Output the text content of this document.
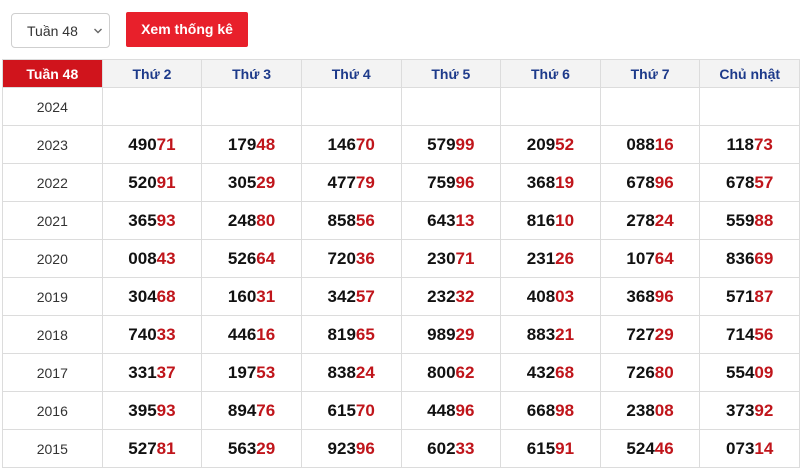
Tuần 48	Xem thống kê
Tuần 48	Thứ 2	Thứ 3	Thứ 4	Thứ 5	Thứ 6	Thứ 7	Chủ nhật
2024							
2023	49071	17948	14670	57999	20952	08816	11873
2022	52091	30529	47779	75996	36819	67896	67857
2021	36593	24880	85856	64313	81610	27824	55988
2020	00843	52664	72036	23071	23126	10764	83669
2019	30468	16031	34257	23232	40803	36896	57187
2018	74033	44616	81965	98929	88321	72729	71456
2017	33137	19753	83824	80062	43268	72680	55409
2016	39593	89476	61570	44896	66898	23808	37392
2015	52781	56329	92396	60233	61591	52446	07314
